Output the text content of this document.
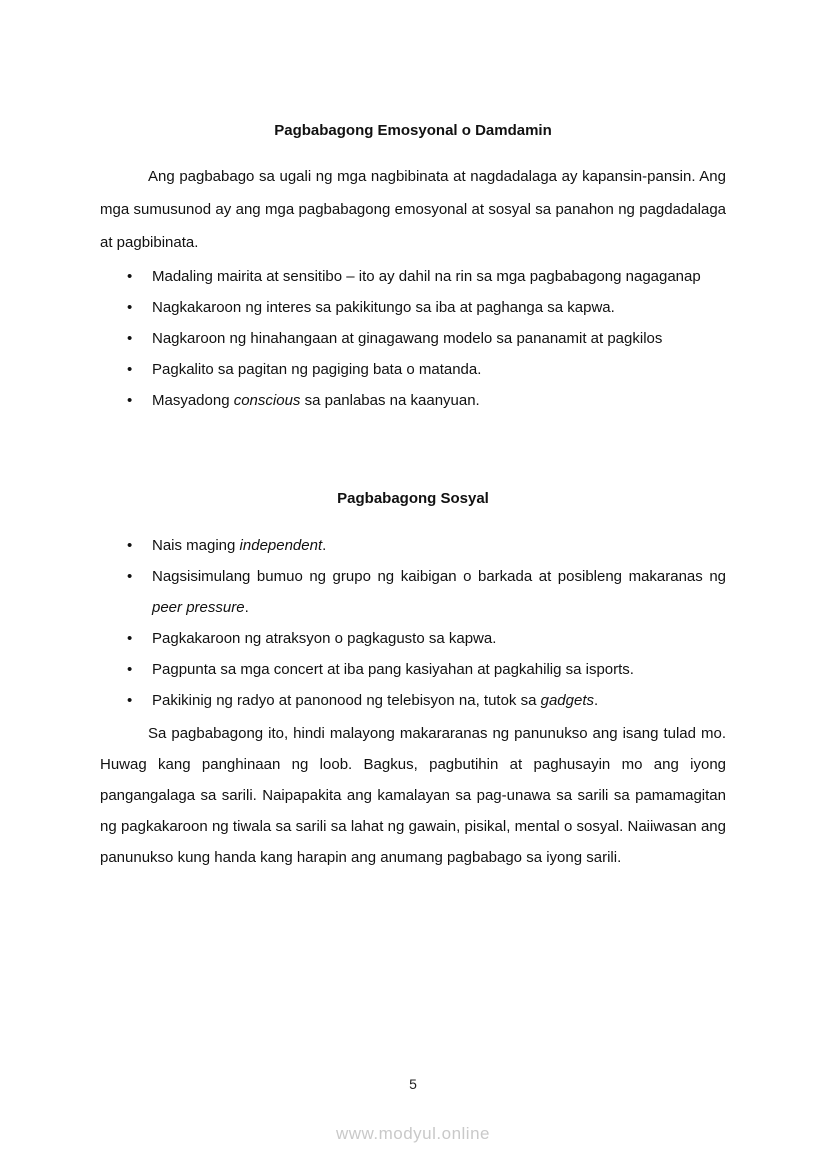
Pagbabagong Emosyonal o Damdamin

Ang pagbabago sa ugali ng mga nagbibinata at nagdadalaga ay kapansin-pansin. Ang mga sumusunod ay ang mga pagbabagong emosyonal at sosyal sa panahon ng pagdadalaga at pagbibinata.

• Madaling mairita at sensitibo – ito ay dahil na rin sa mga pagbabagong nagaganap
• Nagkakaroon ng interes sa pakikitungo sa iba at paghanga sa kapwa.
• Nagkaroon ng hinahangaan at ginagawang modelo sa pananamit at pagkilos
• Pagkalito sa pagitan ng pagiging bata o matanda.
• Masyadong conscious sa panlabas na kaanyuan.
Pagbabagong Sosyal
• Nais maging independent.
• Nagsisimulang bumuo ng grupo ng kaibigan o barkada at posibleng makaranas ng peer pressure.
• Pagkakaroon ng atraksyon o pagkagusto sa kapwa.
• Pagpunta sa mga concert at iba pang kasiyahan at pagkahilig sa isports.
• Pakikinig ng radyo at panonood ng telebisyon na, tutok sa gadgets.

Sa pagbabagong ito, hindi malayong makararanas ng panunukso ang isang tulad mo. Huwag kang panghinaan ng loob. Bagkus, pagbutihin at paghusayin mo ang iyong pangangalaga sa sarili. Naipapakita ang kamalayan sa pag-unawa sa sarili sa pamamagitan ng pagkakaroon ng tiwala sa sarili sa lahat ng gawain, pisikal, mental o sosyal. Naiiwasan ang panunukso kung handa kang harapin ang anumang pagbabago sa iyong sarili.

5
www.modyul.online
